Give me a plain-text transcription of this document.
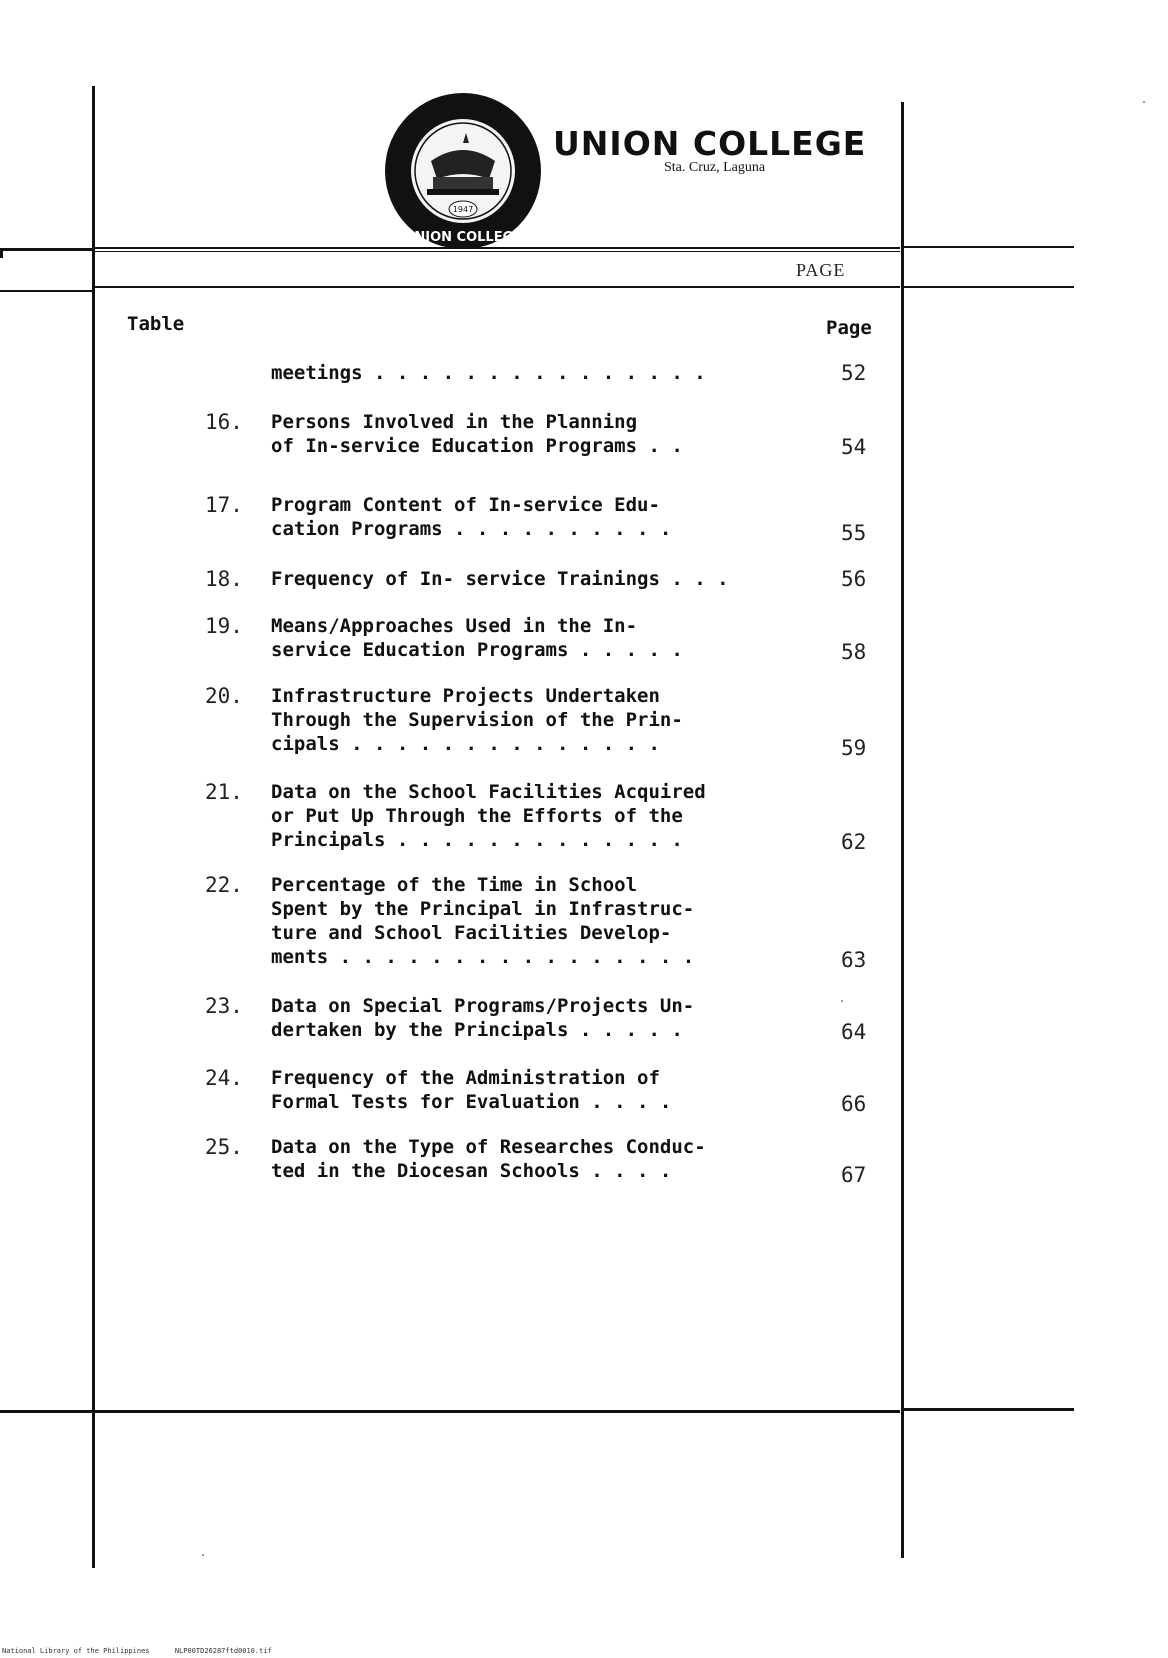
1947
UNION COLLEGE
UNION COLLEGE
Sta. Cruz, Laguna
PAGE
Table	Page
meetings . . . . . . . . . . . . . . .	52
16.	Persons Involved in the Planning
of In-service Education Programs . .	54
17.	Program Content of In-service Edu-
cation Programs . . . . . . . . . .	55
18.	Frequency of In- service Trainings . . .	56
19.	Means/Approaches Used in the In-
service Education Programs . . . . .	58
20.	Infrastructure Projects Undertaken
Through the Supervision of the Prin-
cipals . . . . . . . . . . . . . .	59
21.	Data on the School Facilities Acquired
or Put Up Through the Efforts of the
Principals . . . . . . . . . . . . .	62
22.	Percentage of the Time in School
Spent by the Principal in Infrastruc-
ture and School Facilities Develop-
ments . . . . . . . . . . . . . . . .	63
23.	Data on Special Programs/Projects Un-
dertaken by the Principals . . . . .	64
24.	Frequency of the Administration of
Formal Tests for Evaluation . . . .	66
25.	Data on the Type of Researches Conduc-
ted in the Diocesan Schools . . . .	67
National Library of the Philippines	NLP00TD26287ftd0010.tif
